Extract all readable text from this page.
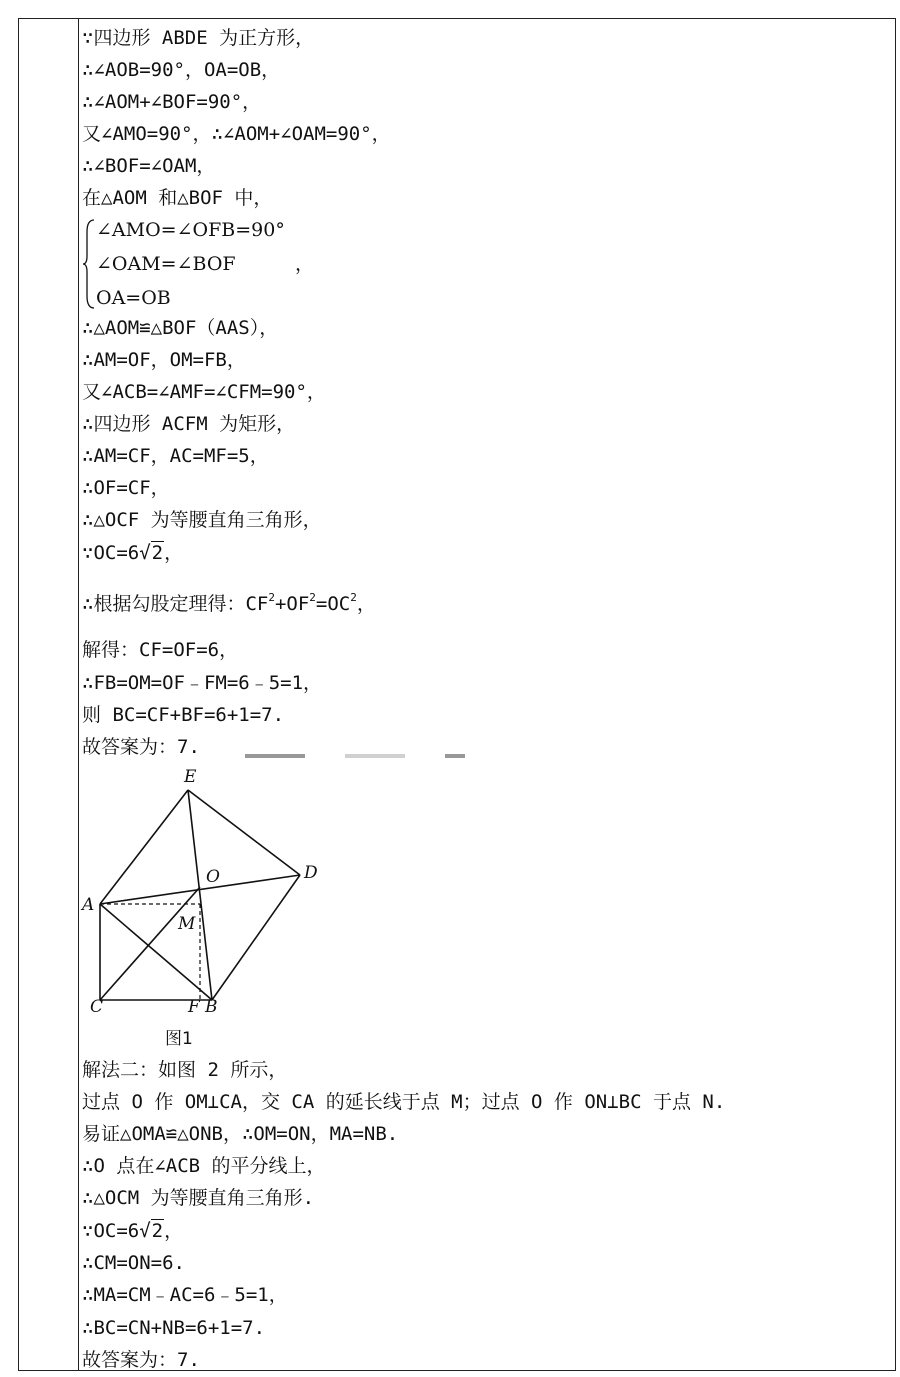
∵四边形 ABDE 为正方形，
∴∠AOB=90°，OA=OB，
∴∠AOM+∠BOF=90°，
又∠AMO=90°，∴∠AOM+∠OAM=90°，
∴∠BOF=∠OAM，
在△AOM 和△BOF 中，
∠AMO=∠OFB=90°
∠OAM=∠BOF	，
OA=OB
∴△AOM≌△BOF（AAS），
∴AM=OF，OM=FB，
又∠ACB=∠AMF=∠CFM=90°，
∴四边形 ACFM 为矩形，
∴AM=CF，AC=MF=5，
∴OF=CF，
∴△OCF 为等腰直角三角形，
∵OC=6√2，
∴根据勾股定理得：$CF^2+OF^2=OC^2$，
解得：CF=OF=6，
∴FB=OM=OF﹣FM=6﹣5=1，
则 BC=CF+BF=6+1=7.
故答案为：7.
E
D
O
A
M
C	F B
图1
解法二：如图 2 所示，
过点 O 作 OM⊥CA，交 CA 的延长线于点 M；过点 O 作 ON⊥BC 于点 N.
易证△OMA≌△ONB，∴OM=ON，MA=NB.
∴O 点在∠ACB 的平分线上，
∴△OCM 为等腰直角三角形.
∵OC=6√2，
∴CM=ON=6.
∴MA=CM﹣AC=6﹣5=1，
∴BC=CN+NB=6+1=7.
故答案为：7.
